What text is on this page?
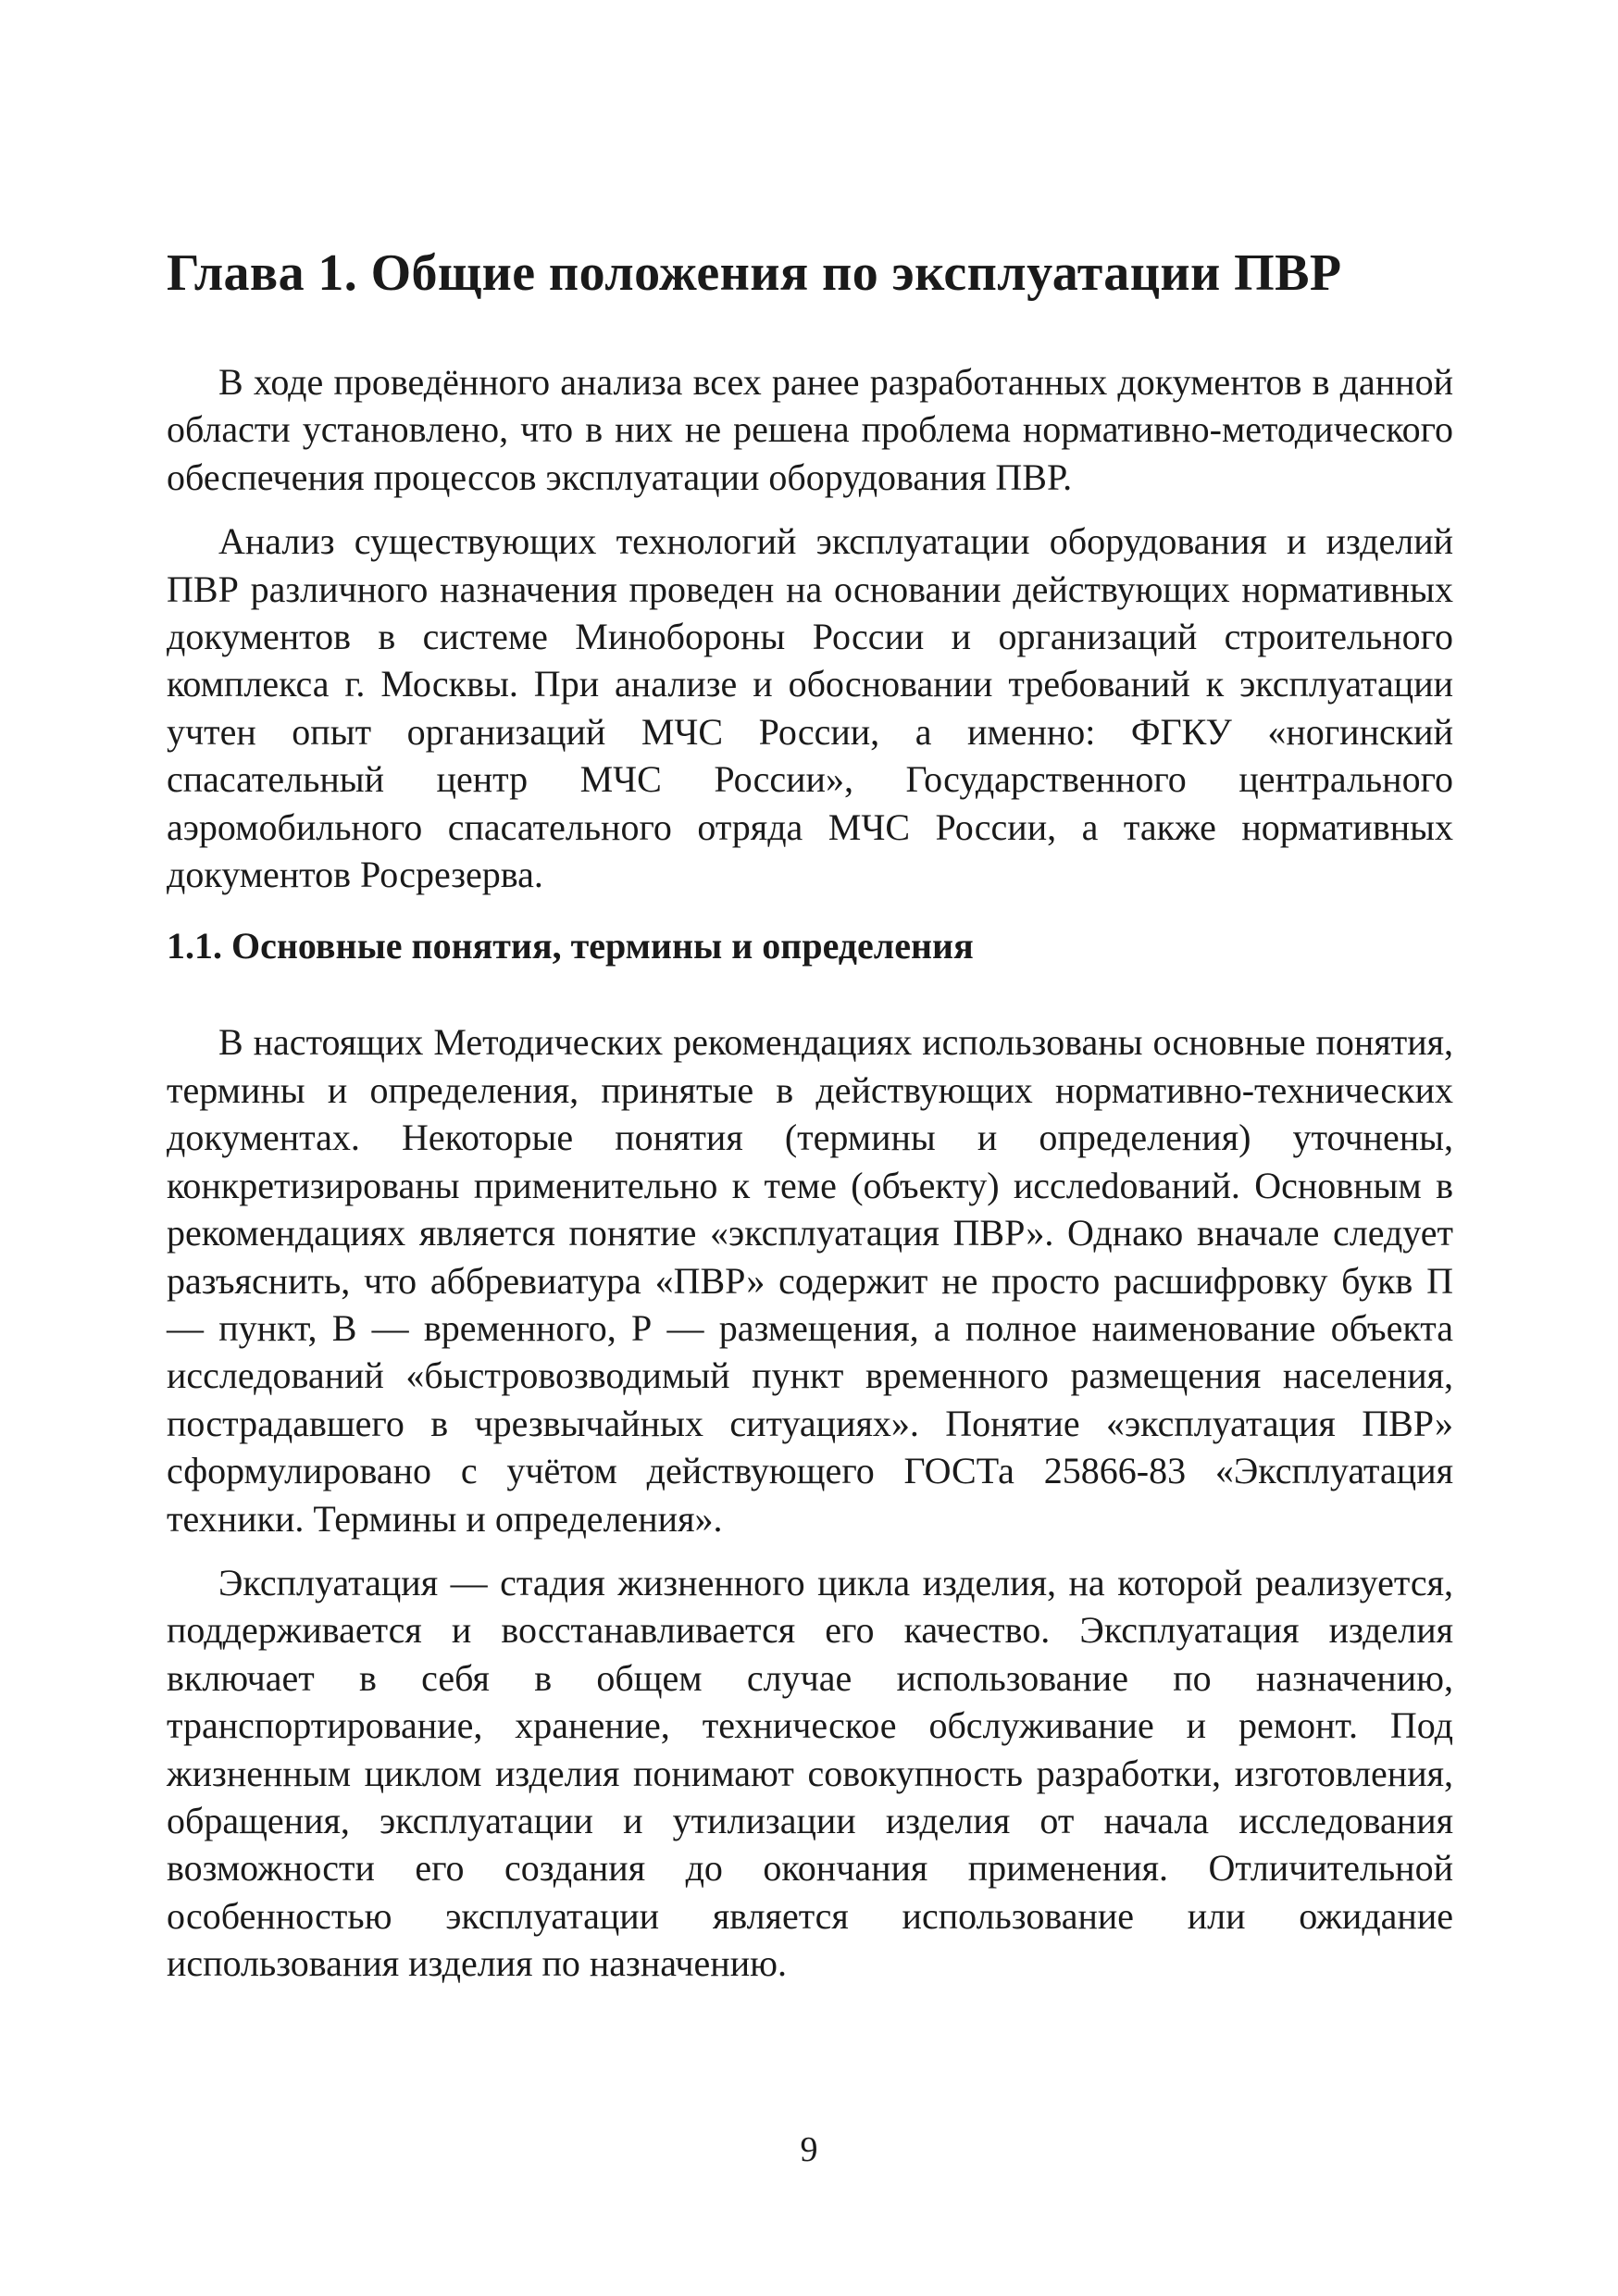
Глава 1. Общие положения по эксплуатации ПВР

В ходе проведённого анализа всех ранее разработанных документов в данной области установлено, что в них не решена проблема нормативно-методического обеспечения процессов эксплуатации оборудования ПВР.

Анализ существующих технологий эксплуатации оборудования и изделий ПВР различного назначения проведен на основании действующих нормативных документов в системе Минобороны России и организаций строительного комплекса г. Москвы. При анализе и обосновании требований к эксплуатации учтен опыт организаций МЧС России, а именно: ФГКУ «ногинский спасательный центр МЧС России», Государственного центрального аэромобильного спасательного отряда МЧС России, а также нормативных документов Росрезерва.

1.1. Основные понятия, термины и определения

В настоящих Методических рекомендациях использованы основные понятия, термины и определения, принятые в действующих нормативно-технических документах. Некоторые понятия (термины и определения) уточнены, конкретизированы применительно к теме (объекту) исслеdований. Основным в рекомендациях является понятие «эксплуатация ПВР». Однако вначале следует разъяснить, что аббревиатура «ПВР» содержит не просто расшифровку букв П — пункт, В — временного, Р — размещения, а полное наименование объекта исследований «быстровозводимый пункт временного размещения населения, пострадавшего в чрезвычайных ситуациях». Понятие «эксплуатация ПВР» сформулировано с учётом действующего ГОСТа 25866-83 «Эксплуатация техники. Термины и определения».

Эксплуатация — стадия жизненного цикла изделия, на которой реализуется, поддерживается и восстанавливается его качество. Эксплуатация изделия включает в себя в общем случае использование по назначению, транспортирование, хранение, техническое обслуживание и ремонт. Под жизненным циклом изделия понимают совокупность разработки, изготовления, обращения, эксплуатации и утилизации изделия от начала исследования возможности его создания до окончания применения. Отличительной особенностью эксплуатации является использование или ожидание использования изделия по назначению.

9
